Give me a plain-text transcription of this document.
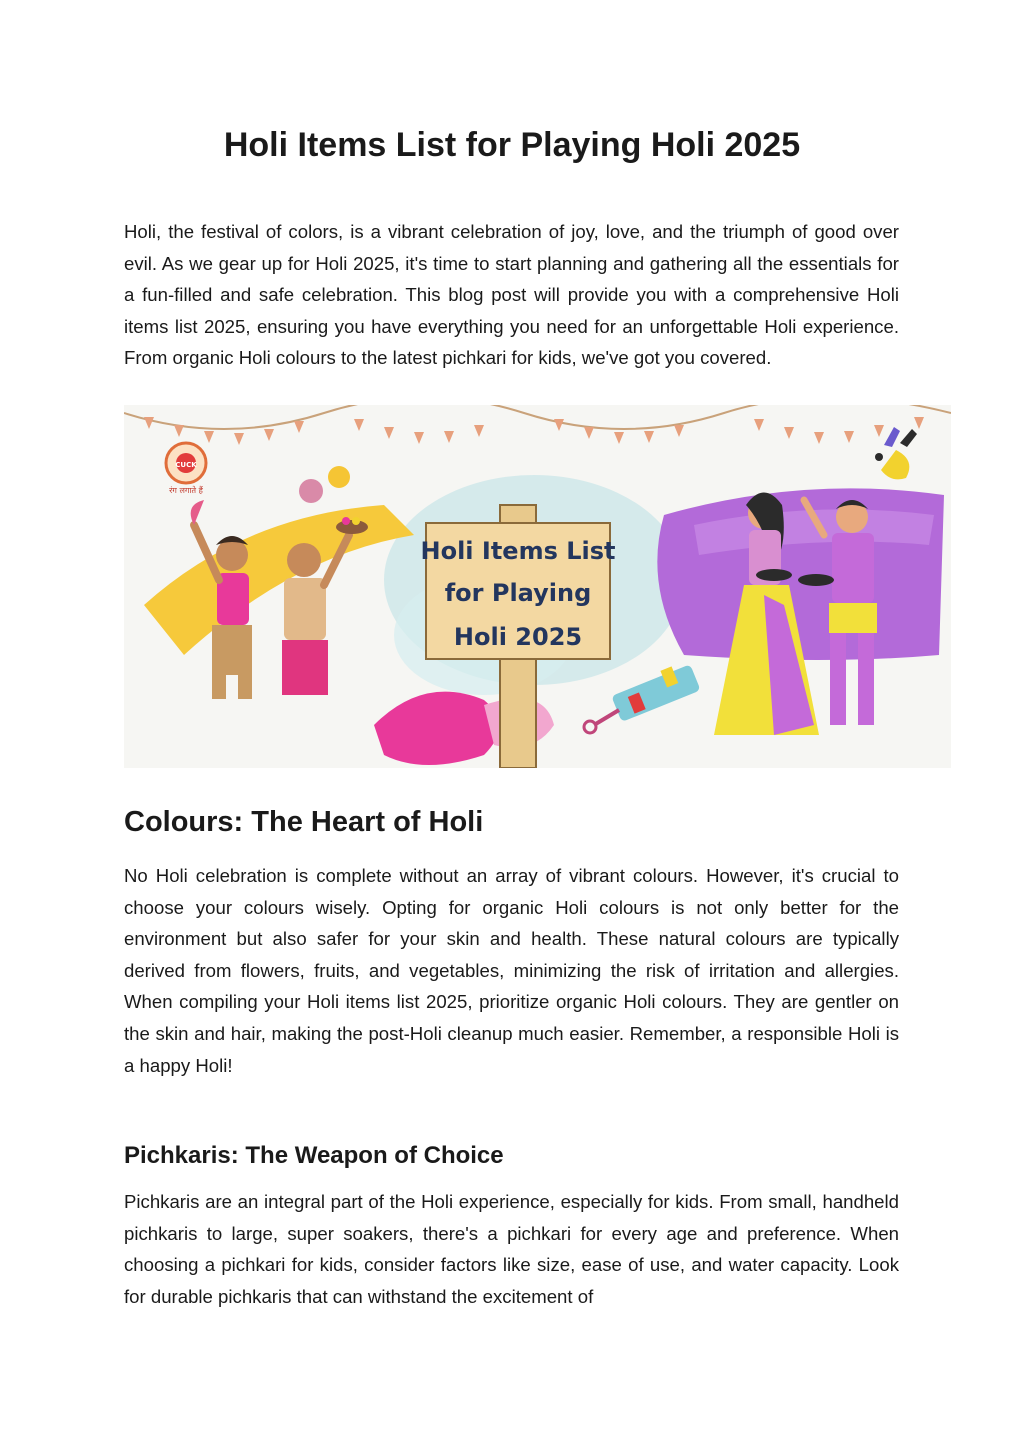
Holi Items List for Playing Holi 2025

Holi, the festival of colors, is a vibrant celebration of joy, love, and the triumph of good over evil. As we gear up for Holi 2025, it's time to start planning and gathering all the essentials for a fun-filled and safe celebration. This blog post will provide you with a comprehensive Holi items list 2025, ensuring you have everything you need for an unforgettable Holi experience. From organic Holi colours to the latest pichkari for kids, we've got you covered.

CUCK
रंग लगाते हैं
Holi Items List
for Playing
Holi 2025
Colours: The Heart of Holi

No Holi celebration is complete without an array of vibrant colours. However, it's crucial to choose your colours wisely. Opting for organic Holi colours is not only better for the environment but also safer for your skin and health. These natural colours are typically derived from flowers, fruits, and vegetables, minimizing the risk of irritation and allergies. When compiling your Holi items list 2025, prioritize organic Holi colours. They are gentler on the skin and hair, making the post-Holi cleanup much easier. Remember, a responsible Holi is a happy Holi!

Pichkaris: The Weapon of Choice

Pichkaris are an integral part of the Holi experience, especially for kids. From small, handheld pichkaris to large, super soakers, there's a pichkari for every age and preference. When choosing a pichkari for kids, consider factors like size, ease of use, and water capacity. Look for durable pichkaris that can withstand the excitement of
